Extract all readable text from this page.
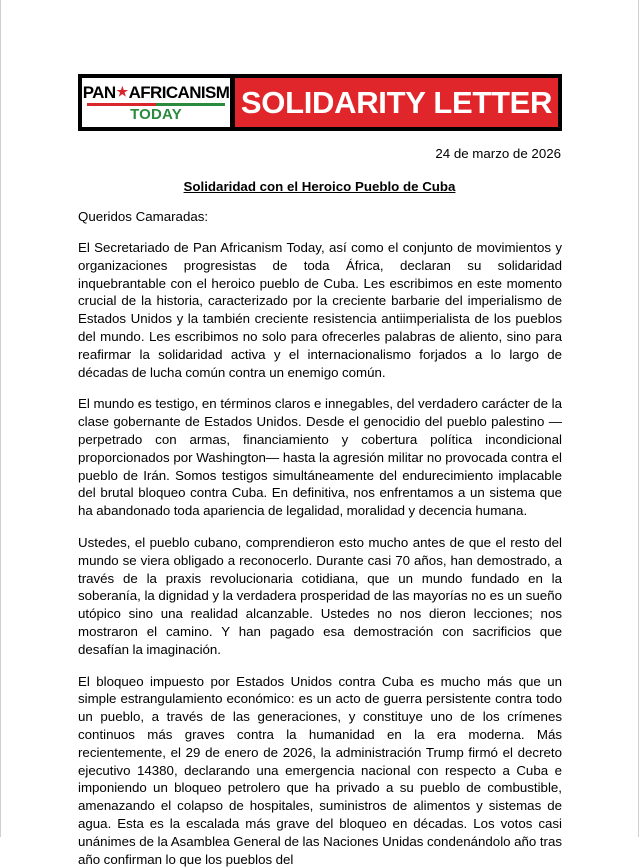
PAN★AFRICANISM
TODAY SOLIDARITY LETTER
24 de marzo de 2026
Solidaridad con el Heroico Pueblo de Cuba
Queridos Camaradas:

El Secretariado de Pan Africanism Today, así como el conjunto de movimientos y organizaciones progresistas de toda África, declaran su solidaridad inquebrantable con el heroico pueblo de Cuba. Les escribimos en este momento crucial de la historia, caracterizado por la creciente barbarie del imperialismo de Estados Unidos y la también creciente resistencia antiimperialista de los pueblos del mundo. Les escribimos no solo para ofrecerles palabras de aliento, sino para reafirmar la solidaridad activa y el internacionalismo forjados a lo largo de décadas de lucha común contra un enemigo común.

El mundo es testigo, en términos claros e innegables, del verdadero carácter de la clase gobernante de Estados Unidos. Desde el genocidio del pueblo palestino —perpetrado con armas, financiamiento y cobertura política incondicional proporcionados por Washington— hasta la agresión militar no provocada contra el pueblo de Irán. Somos testigos simultáneamente del endurecimiento implacable del brutal bloqueo contra Cuba. En definitiva, nos enfrentamos a un sistema que ha abandonado toda apariencia de legalidad, moralidad y decencia humana.

Ustedes, el pueblo cubano, comprendieron esto mucho antes de que el resto del mundo se viera obligado a reconocerlo. Durante casi 70 años, han demostrado, a través de la praxis revolucionaria cotidiana, que un mundo fundado en la soberanía, la dignidad y la verdadera prosperidad de las mayorías no es un sueño utópico sino una realidad alcanzable. Ustedes no nos dieron lecciones; nos mostraron el camino. Y han pagado esa demostración con sacrificios que desafían la imaginación.

El bloqueo impuesto por Estados Unidos contra Cuba es mucho más que un simple estrangulamiento económico: es un acto de guerra persistente contra todo un pueblo, a través de las generaciones, y constituye uno de los crímenes continuos más graves contra la humanidad en la era moderna. Más recientemente, el 29 de enero de 2026, la administración Trump firmó el decreto ejecutivo 14380, declarando una emergencia nacional con respecto a Cuba e imponiendo un bloqueo petrolero que ha privado a su pueblo de combustible, amenazando el colapso de hospitales, suministros de alimentos y sistemas de agua. Esta es la escalada más grave del bloqueo en décadas. Los votos casi unánimes de la Asamblea General de las Naciones Unidas condenándolo año tras año confirman lo que los pueblos del
